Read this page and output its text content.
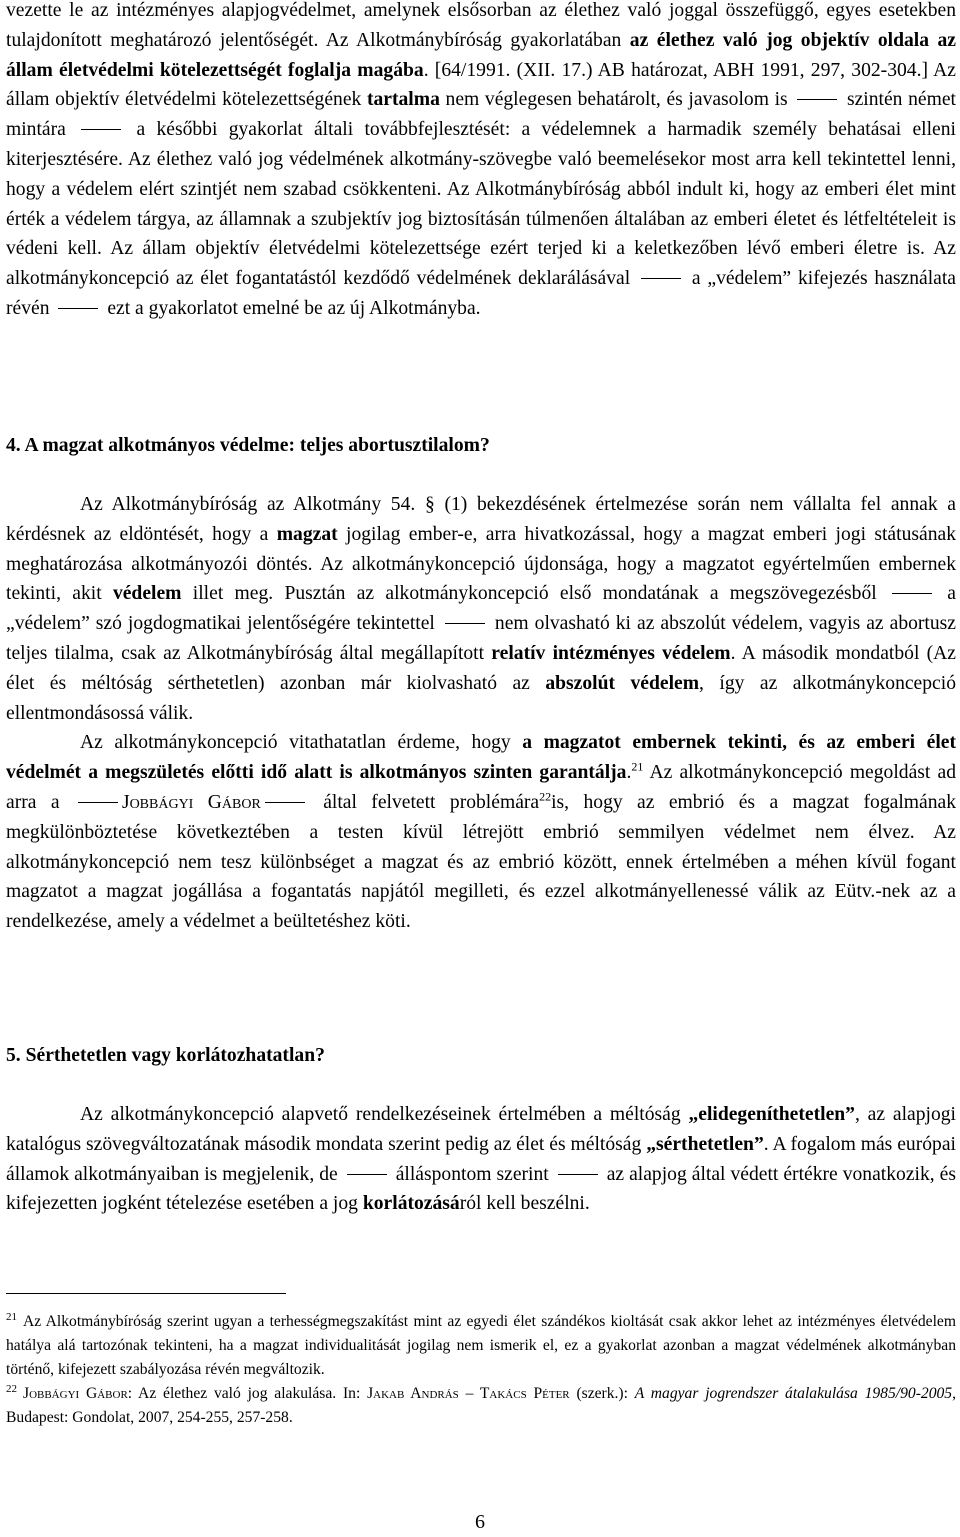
vezette le az intézményes alapjogvédelmet, amelynek elsősorban az élethez való joggal összefüggő, egyes esetekben tulajdonított meghatározó jelentőségét. Az Alkotmánybíróság gyakorlatában az élethez való jog objektív oldala az állam életvédelmi kötelezettségét foglalja magába. [64/1991. (XII. 17.) AB határozat, ABH 1991, 297, 302-304.] Az állam objektív életvédelmi kötelezettségének tartalma nem véglegesen behatárolt, és javasolom is  szintén német mintára  a későbbi gyakorlat általi továbbfejlesztését: a védelemnek a harmadik személy behatásai elleni kiterjesztésére. Az élethez való jog védelmének alkotmány-szövegbe való beemelésekor most arra kell tekintettel lenni, hogy a védelem elért szintjét nem szabad csökkenteni. Az Alkotmánybíróság abból indult ki, hogy az emberi élet mint érték a védelem tárgya, az államnak a szubjektív jog biztosításán túlmenően általában az emberi életet és létfeltételeit is védeni kell. Az állam objektív életvédelmi kötelezettsége ezért terjed ki a keletkezőben lévő emberi életre is. Az alkotmánykoncepció az élet fogantatástól kezdődő védelmének deklarálásával  a „védelem” kifejezés használata révén  ezt a gyakorlatot emelné be az új Alkotmányba.

4. A magzat alkotmányos védelme: teljes abortusztilalom?

Az Alkotmánybíróság az Alkotmány 54. § (1) bekezdésének értelmezése során nem vállalta fel annak a kérdésnek az eldöntését, hogy a magzat jogilag ember-e, arra hivatkozással, hogy a magzat emberi jogi státusának meghatározása alkotmányozói döntés. Az alkotmánykoncepció újdonsága, hogy a magzatot egyértelműen embernek tekinti, akit védelem illet meg. Pusztán az alkotmánykoncepció első mondatának a megszövegezésből  a „védelem” szó jogdogmatikai jelentőségére tekintettel  nem olvasható ki az abszolút védelem, vagyis az abortusz teljes tilalma, csak az Alkotmánybíróság által megállapított relatív intézményes védelem. A második mondatból (Az élet és méltóság sérthetetlen) azonban már kiolvasható az abszolút védelem, így az alkotmánykoncepció ellentmondásossá válik.

Az alkotmánykoncepció vitathatatlan érdeme, hogy a magzatot embernek tekinti, és az emberi élet védelmét a megszületés előtti idő alatt is alkotmányos szinten garantálja.$^{21}$ Az alkotmánykoncepció megoldást ad arra a Jobbágyi Gábor által felvetett problémára$^{22}$is, hogy az embrió és a magzat fogalmának megkülönböztetése következtében a testen kívül létrejött embrió semmilyen védelmet nem élvez. Az alkotmánykoncepció nem tesz különbséget a magzat és az embrió között, ennek értelmében a méhen kívül fogant magzatot a magzat jogállása a fogantatás napjától megilleti, és ezzel alkotmányellenessé válik az Eütv.-nek az a rendelkezése, amely a védelmet a beültetéshez köti.

5. Sérthetetlen vagy korlátozhatatlan?

Az alkotmánykoncepció alapvető rendelkezéseinek értelmében a méltóság „elidegeníthetetlen”, az alapjogi katalógus szövegváltozatának második mondata szerint pedig az élet és méltóság „sérthetetlen”. A fogalom más európai államok alkotmányaiban is megjelenik, de  álláspontom szerint  az alapjog által védett értékre vonatkozik, és kifejezetten jogként tételezése esetében a jog korlátozásáról kell beszélni.

$^{21}$ Az Alkotmánybíróság szerint ugyan a terhességmegszakítást mint az egyedi élet szándékos kioltását csak akkor lehet az intézményes életvédelem hatálya alá tartozónak tekinteni, ha a magzat individualitását jogilag nem ismerik el, ez a gyakorlat azonban a magzat védelmének alkotmányban történő, kifejezett szabályozása révén megváltozik.

$^{22}$ Jobbágyi Gábor: Az élethez való jog alakulása. In: Jakab András – Takács Péter (szerk.): A magyar jogrendszer átalakulása 1985/90-2005, Budapest: Gondolat, 2007, 254-255, 257-258.

6
